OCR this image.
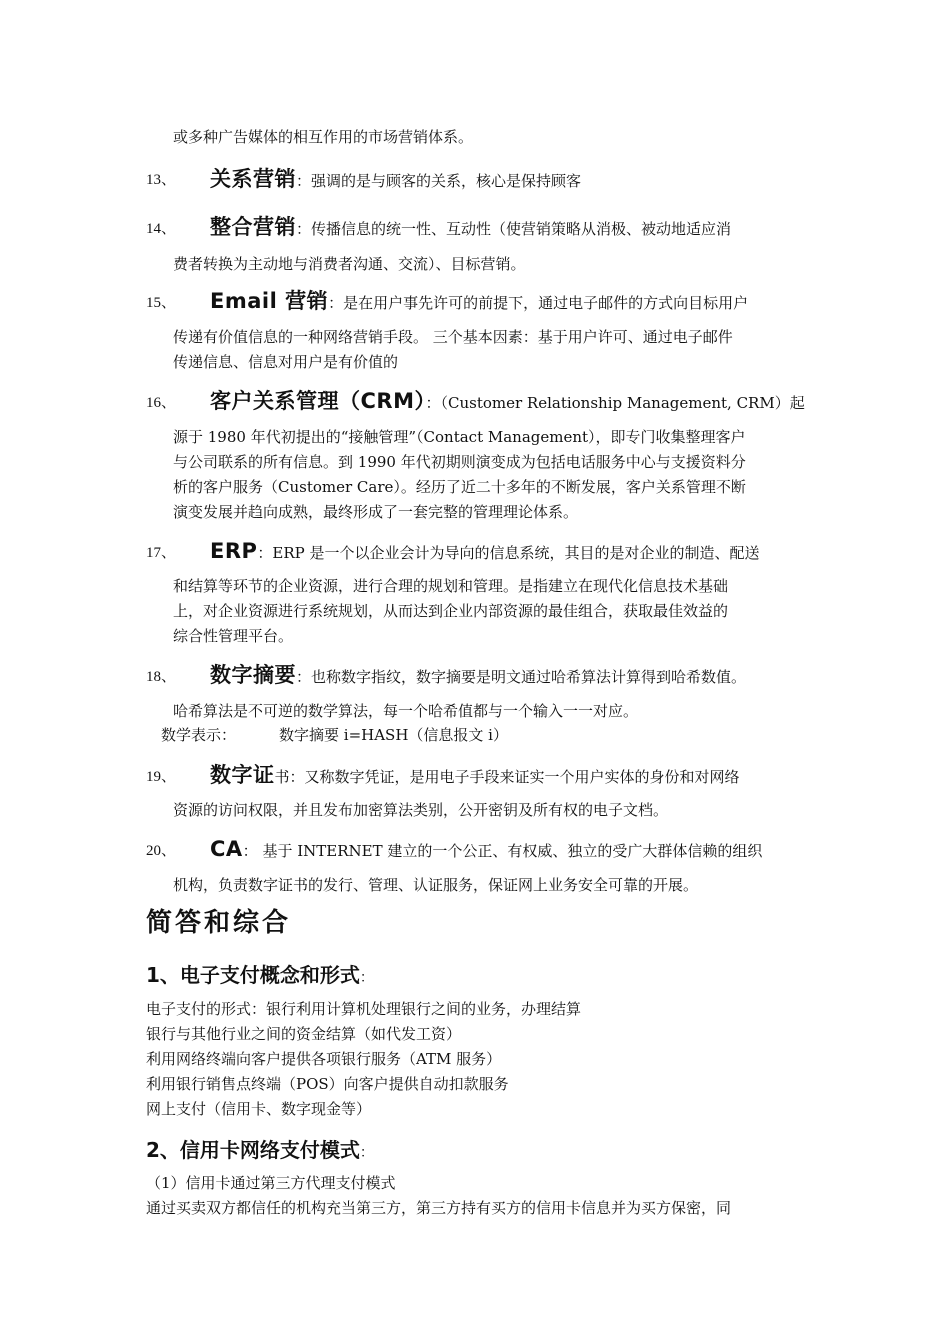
或多种广告媒体的相互作用的市场营销体系。
13、 关系营销：强调的是与顾客的关系，核心是保持顾客
14、 整合营销：传播信息的统一性、互动性（使营销策略从消极、被动地适应消
费者转换为主动地与消费者沟通、交流）、目标营销。
15、 Email 营销：是在用户事先许可的前提下，通过电子邮件的方式向目标用户
传递有价值信息的一种网络营销手段。 三个基本因素：基于用户许可、通过电子邮件
传递信息、信息对用户是有价值的
16、 客户关系管理（CRM）：（Customer Relationship Management, CRM）起
源于 1980 年代初提出的“接触管理”（Contact Management），即专门收集整理客户
与公司联系的所有信息。到 1990 年代初期则演变成为包括电话服务中心与支援资料分
析的客户服务（Customer Care）。经历了近二十多年的不断发展，客户关系管理不断
演变发展并趋向成熟，最终形成了一套完整的管理理论体系。
17、 ERP：ERP 是一个以企业会计为导向的信息系统，其目的是对企业的制造、配送
和结算等环节的企业资源，进行合理的规划和管理。是指建立在现代化信息技术基础
上，对企业资源进行系统规划，从而达到企业内部资源的最佳组合，获取最佳效益的
综合性管理平台。
18、 数字摘要：也称数字指纹，数字摘要是明文通过哈希算法计算得到哈希数值。
哈希算法是不可逆的数学算法，每一个哈希值都与一个输入一一对应。
数学表示：	数字摘要 i=HASH（信息报文 i）
19、 数字证书：又称数字凭证，是用电子手段来证实一个用户实体的身份和对网络
资源的访问权限，并且发布加密算法类别，公开密钥及所有权的电子文档。
20、 CA： 基于 INTERNET 建立的一个公正、有权威、独立的受广大群体信赖的组织
机构，负责数字证书的发行、管理、认证服务，保证网上业务安全可靠的开展。
简答和综合
1、电子支付概念和形式：
电子支付的形式：银行利用计算机处理银行之间的业务，办理结算
银行与其他行业之间的资金结算（如代发工资）
利用网络终端向客户提供各项银行服务（ATM 服务）
利用银行销售点终端（POS）向客户提供自动扣款服务
网上支付（信用卡、数字现金等）
2、信用卡网络支付模式：
（1）信用卡通过第三方代理支付模式
通过买卖双方都信任的机构充当第三方，第三方持有买方的信用卡信息并为买方保密，同
